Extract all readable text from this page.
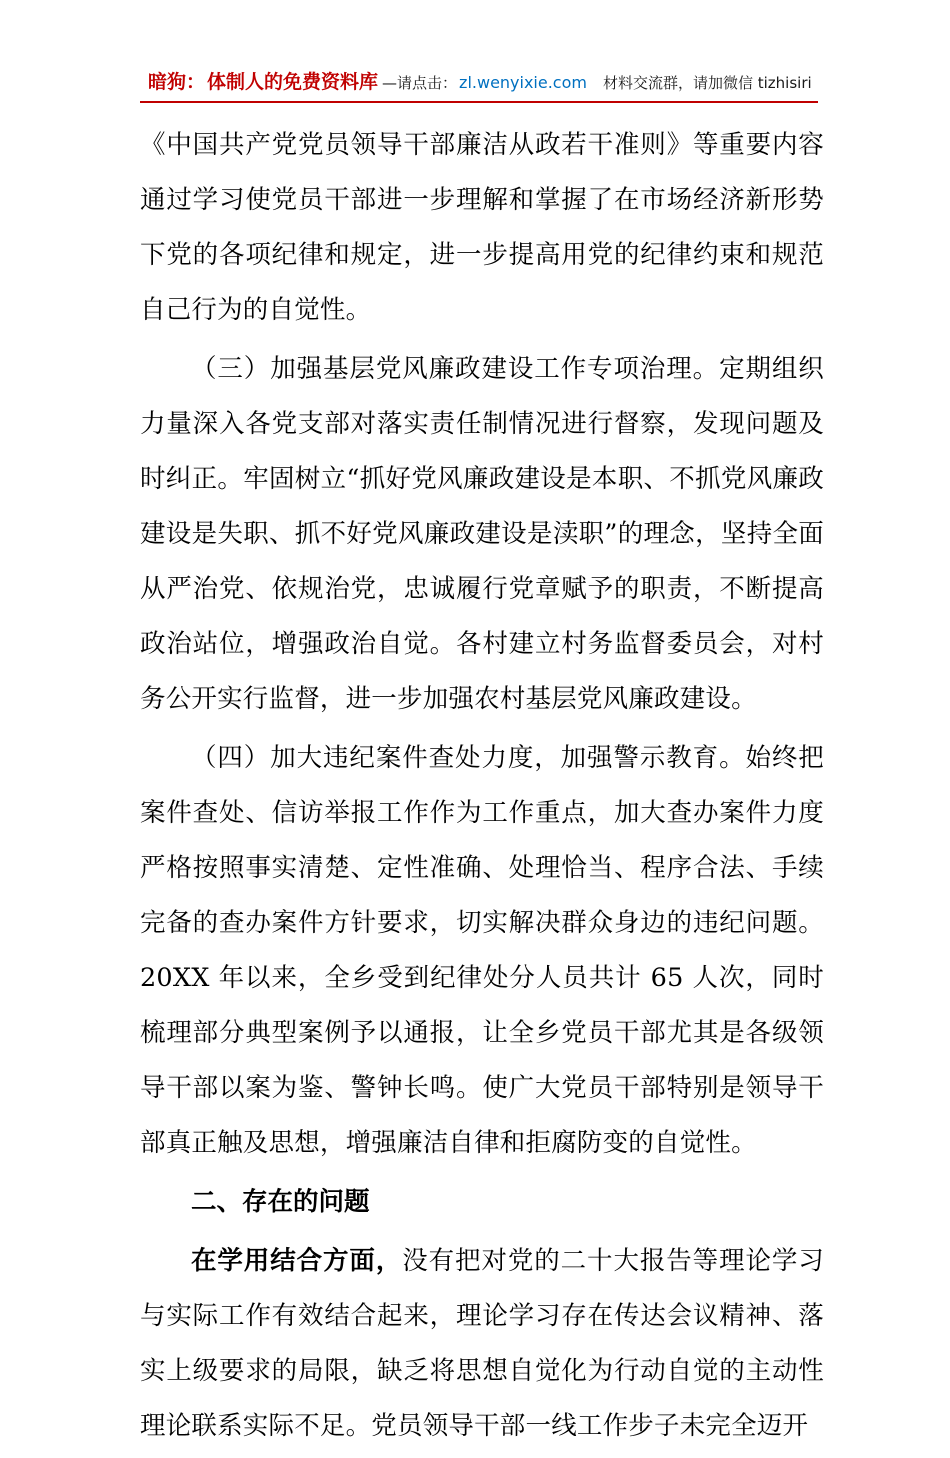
暗狗： 体制人的免费资料库 —请点击： zl.wenyixie.com 材料交流群，请加微信 tizhisiri

《中国共产党党员领导干部廉洁从政若干准则》等重要内容通过学习使党员干部进一步理解和掌握了在市场经济新形势下党的各项纪律和规定，进一步提高用党的纪律约束和规范自己行为的自觉性。

（三）加强基层党风廉政建设工作专项治理。定期组织力量深入各党支部对落实责任制情况进行督察，发现问题及时纠正。牢固树立“抓好党风廉政建设是本职、不抓党风廉政建设是失职、抓不好党风廉政建设是渎职”的理念，坚持全面从严治党、依规治党，忠诚履行党章赋予的职责，不断提高政治站位，增强政治自觉。各村建立村务监督委员会，对村务公开实行监督，进一步加强农村基层党风廉政建设。

（四）加大违纪案件查处力度，加强警示教育。始终把案件查处、信访举报工作作为工作重点，加大查办案件力度严格按照事实清楚、定性准确、处理恰当、程序合法、手续完备的查办案件方针要求，切实解决群众身边的违纪问题。20XX 年以来，全乡受到纪律处分人员共计 65 人次，同时梳理部分典型案例予以通报，让全乡党员干部尤其是各级领导干部以案为鉴、警钟长鸣。使广大党员干部特别是领导干部真正触及思想，增强廉洁自律和拒腐防变的自觉性。

二、存在的问题

在学用结合方面，没有把对党的二十大报告等理论学习与实际工作有效结合起来，理论学习存在传达会议精神、落实上级要求的局限，缺乏将思想自觉化为行动自觉的主动性理论联系实际不足。党员领导干部一线工作步子未完全迈开
